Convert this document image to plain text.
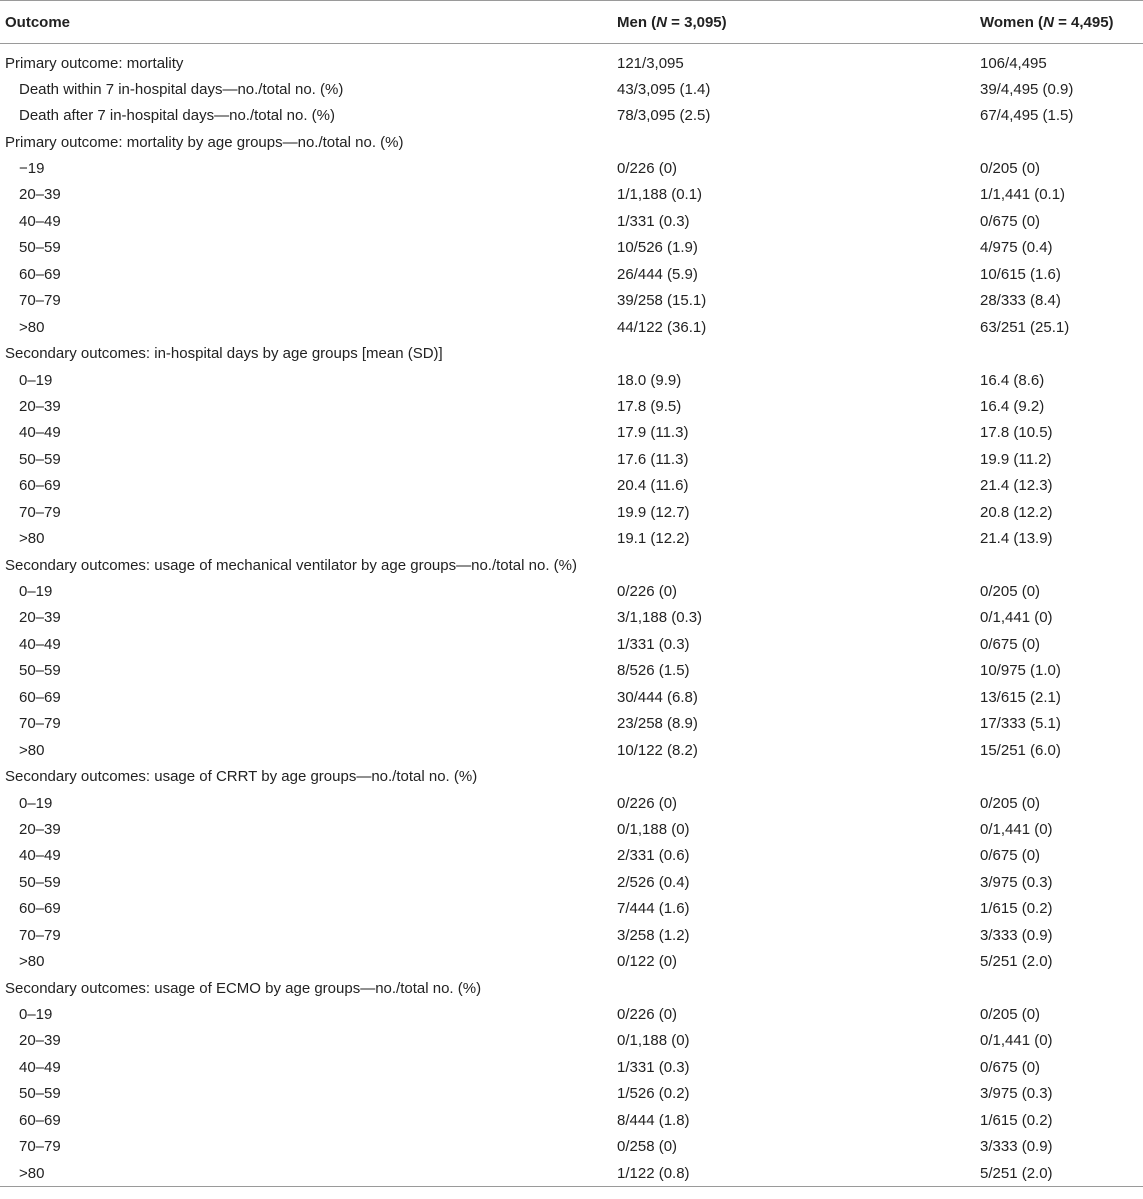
Outcome	Men (N = 3,095)	Women (N = 4,495)
Primary outcome: mortality	121/3,095	106/4,495
Death within 7 in-hospital days—no./total no. (%)	43/3,095 (1.4)	39/4,495 (0.9)
Death after 7 in-hospital days—no./total no. (%)	78/3,095 (2.5)	67/4,495 (1.5)
Primary outcome: mortality by age groups—no./total no. (%)		
−19	0/226 (0)	0/205 (0)
20–39	1/1,188 (0.1)	1/1,441 (0.1)
40–49	1/331 (0.3)	0/675 (0)
50–59	10/526 (1.9)	4/975 (0.4)
60–69	26/444 (5.9)	10/615 (1.6)
70–79	39/258 (15.1)	28/333 (8.4)
>80	44/122 (36.1)	63/251 (25.1)
Secondary outcomes: in-hospital days by age groups [mean (SD)]		
0–19	18.0 (9.9)	16.4 (8.6)
20–39	17.8 (9.5)	16.4 (9.2)
40–49	17.9 (11.3)	17.8 (10.5)
50–59	17.6 (11.3)	19.9 (11.2)
60–69	20.4 (11.6)	21.4 (12.3)
70–79	19.9 (12.7)	20.8 (12.2)
>80	19.1 (12.2)	21.4 (13.9)
Secondary outcomes: usage of mechanical ventilator by age groups—no./total no. (%)		
0–19	0/226 (0)	0/205 (0)
20–39	3/1,188 (0.3)	0/1,441 (0)
40–49	1/331 (0.3)	0/675 (0)
50–59	8/526 (1.5)	10/975 (1.0)
60–69	30/444 (6.8)	13/615 (2.1)
70–79	23/258 (8.9)	17/333 (5.1)
>80	10/122 (8.2)	15/251 (6.0)
Secondary outcomes: usage of CRRT by age groups—no./total no. (%)		
0–19	0/226 (0)	0/205 (0)
20–39	0/1,188 (0)	0/1,441 (0)
40–49	2/331 (0.6)	0/675 (0)
50–59	2/526 (0.4)	3/975 (0.3)
60–69	7/444 (1.6)	1/615 (0.2)
70–79	3/258 (1.2)	3/333 (0.9)
>80	0/122 (0)	5/251 (2.0)
Secondary outcomes: usage of ECMO by age groups—no./total no. (%)		
0–19	0/226 (0)	0/205 (0)
20–39	0/1,188 (0)	0/1,441 (0)
40–49	1/331 (0.3)	0/675 (0)
50–59	1/526 (0.2)	3/975 (0.3)
60–69	8/444 (1.8)	1/615 (0.2)
70–79	0/258 (0)	3/333 (0.9)
>80	1/122 (0.8)	5/251 (2.0)
